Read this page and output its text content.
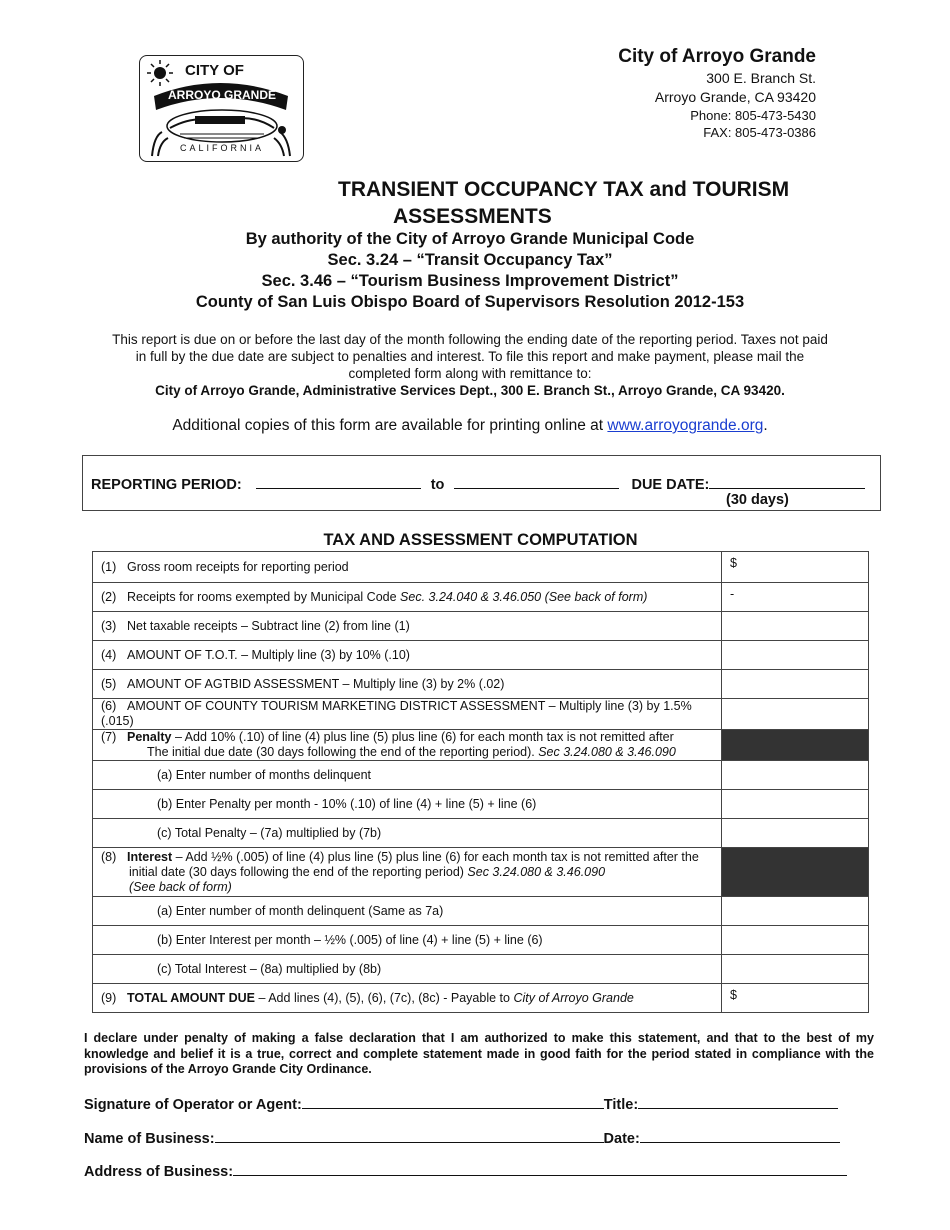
CITY OF
ARROYO GRANDE
CALIFORNIA
City of Arroyo Grande
300 E. Branch St.
Arroyo Grande, CA 93420
Phone: 805-473-5430
FAX: 805-473-0386
TRANSIENT OCCUPANCY TAX and TOURISM
ASSESSMENTS
By authority of the City of Arroyo Grande Municipal Code
Sec. 3.24 – “Transit Occupancy Tax”
Sec. 3.46 – “Tourism Business Improvement District”
County of San Luis Obispo Board of Supervisors Resolution 2012-153
This report is due on or before the last day of the month following the ending date of the reporting period. Taxes not paid in full by the due date are subject to penalties and interest. To file this report and make payment, please mail the completed form along with remittance to:
City of Arroyo Grande, Administrative Services Dept., 300 E. Branch St., Arroyo Grande, CA 93420.
Additional copies of this form are available for printing online at www.arroyogrande.org.
REPORTING PERIOD:	to	DUE DATE:
(30 days)
TAX AND ASSESSMENT COMPUTATION
(1) Gross room receipts for reporting period	$
(2) Receipts for rooms exempted by Municipal Code Sec. 3.24.040 & 3.46.050 (See back of form)	-
(3) Net taxable receipts – Subtract line (2) from line (1)	
(4) AMOUNT OF T.O.T. – Multiply line (3) by 10% (.10)	
(5) AMOUNT OF AGTBID ASSESSMENT – Multiply line (3) by 2% (.02)	
(6) AMOUNT OF COUNTY TOURISM MARKETING DISTRICT ASSESSMENT – Multiply line (3) by 1.5% (.015)	
(7) Penalty – Add 10% (.10) of line (4) plus line (5) plus line (6) for each month tax is not remitted after
The initial due date (30 days following the end of the reporting period). Sec 3.24.080 & 3.46.090	
(a) Enter number of months delinquent	
(b) Enter Penalty per month - 10% (.10) of line (4) + line (5) + line (6)	
(c) Total Penalty – (7a) multiplied by (7b)	
(8) Interest – Add ½% (.005) of line (4) plus line (5) plus line (6) for each month tax is not remitted after the
initial date (30 days following the end of the reporting period) Sec 3.24.080 & 3.46.090
(See back of form)	
(a) Enter number of month delinquent (Same as 7a)	
(b) Enter Interest per month – ½% (.005) of line (4) + line (5) + line (6)	
(c) Total Interest – (8a) multiplied by (8b)	
(9) TOTAL AMOUNT DUE – Add lines (4), (5), (6), (7c), (8c) - Payable to City of Arroyo Grande	$
I declare under penalty of making a false declaration that I am authorized to make this statement, and that to the best of my knowledge and belief it is a true, correct and complete statement made in good faith for the period stated in compliance with the provisions of the Arroyo Grande City Ordinance.
Signature of Operator or Agent:	Title:
Name of Business:	Date:
Address of Business:
